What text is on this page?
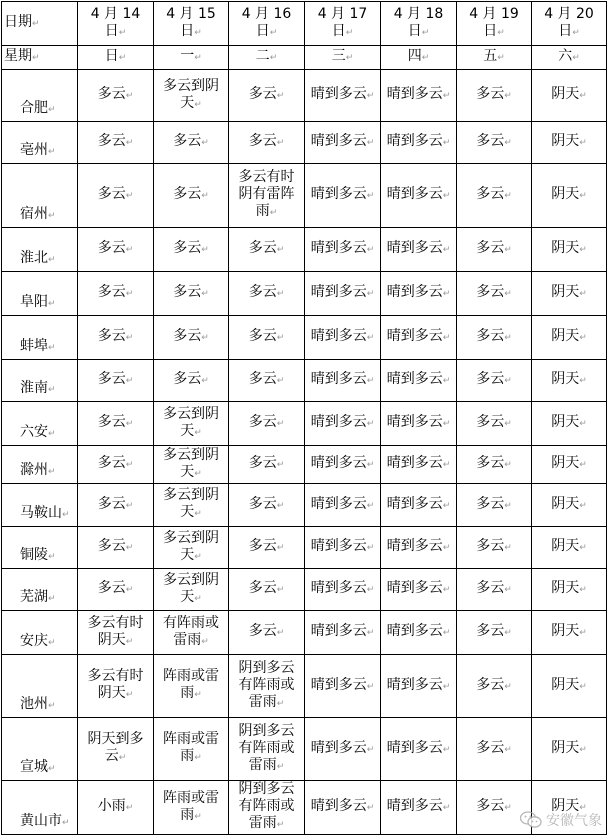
日期↵	4 月 14 日↵	4 月 15 日↵	4 月 16 日↵	4 月 17 日↵	4 月 18 日↵	4 月 19 日↵	4 月 20 日↵
星期↵	日↵	一↵	二↵	三↵	四↵	五↵	六↵
合肥↵	多云↵	多云到阴天↵	多云↵	晴到多云↵	晴到多云↵	多云↵	阴天↵
亳州↵	多云↵	多云↵	多云↵	晴到多云↵	晴到多云↵	多云↵	阴天↵
宿州↵	多云↵	多云↵	多云有时阴有雷阵雨↵	晴到多云↵	晴到多云↵	多云↵	阴天↵
淮北↵	多云↵	多云↵	多云↵	晴到多云↵	晴到多云↵	多云↵	阴天↵
阜阳↵	多云↵	多云↵	多云↵	晴到多云↵	晴到多云↵	多云↵	阴天↵
蚌埠↵	多云↵	多云↵	多云↵	晴到多云↵	晴到多云↵	多云↵	阴天↵
淮南↵	多云↵	多云↵	多云↵	晴到多云↵	晴到多云↵	多云↵	阴天↵
六安↵	多云↵	多云到阴天↵	多云↵	晴到多云↵	晴到多云↵	多云↵	阴天↵
滁州↵	多云↵	多云到阴天↵	多云↵	晴到多云↵	晴到多云↵	多云↵	阴天↵
马鞍山↵	多云↵	多云到阴天↵	多云↵	晴到多云↵	晴到多云↵	多云↵	阴天↵
铜陵↵	多云↵	多云到阴天↵	多云↵	晴到多云↵	晴到多云↵	多云↵	阴天↵
芜湖↵	多云↵	多云到阴天↵	多云↵	晴到多云↵	晴到多云↵	多云↵	阴天↵
安庆↵	多云有时阴天↵	有阵雨或雷雨↵	多云↵	晴到多云↵	晴到多云↵	多云↵	阴天↵
池州↵	多云有时阴天↵	阵雨或雷雨↵	阴到多云有阵雨或雷雨↵	晴到多云↵	晴到多云↵	多云↵	阴天↵
宣城↵	阴天到多云↵	阵雨或雷雨↵	阴到多云有阵雨或雷雨↵	晴到多云↵	晴到多云↵	多云↵	阴天↵
黄山市↵	小雨↵	阵雨或雷雨↵	阴到多云有阵雨或雷雨↵	晴到多云↵	晴到多云↵	多云↵	阴天↵
安徽气象
